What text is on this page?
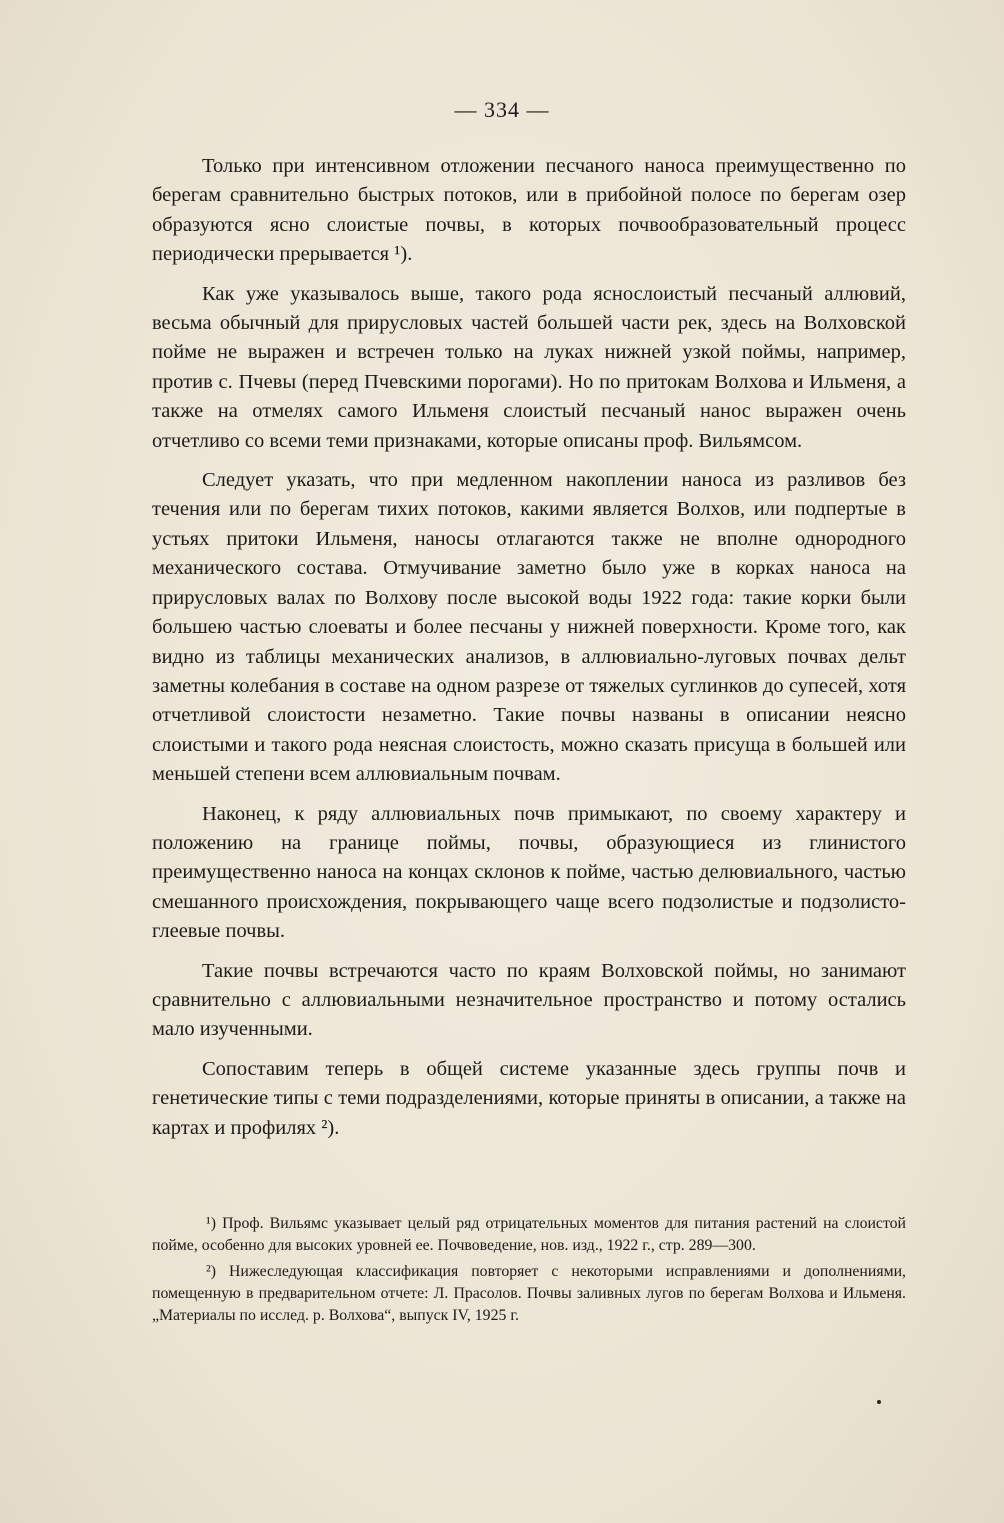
— 334 —

Только при интенсивном отложении песчаного наноса преимущественно по берегам сравнительно быстрых потоков, или в прибойной полосе по берегам озер образуются ясно слоистые почвы, в которых почвообразовательный процесс периодически прерывается ¹).

Как уже указывалось выше, такого рода яснослоистый песчаный аллювий, весьма обычный для прирусловых частей большей части рек, здесь на Волховской пойме не выражен и встречен только на луках нижней узкой поймы, например, против с. Пчевы (перед Пчевскими порогами). Но по притокам Волхова и Ильменя, а также на отмелях самого Ильменя слоистый песчаный нанос выражен очень отчетливо со всеми теми признаками, которые описаны проф. Вильямсом.

Следует указать, что при медленном накоплении наноса из разливов без течения или по берегам тихих потоков, какими является Волхов, или подпертые в устьях притоки Ильменя, наносы отлагаются также не вполне однородного механического состава. Отмучивание заметно было уже в корках наноса на прирусловых валах по Волхову после высокой воды 1922 года: такие корки были большею частью слоеваты и более песчаны у нижней поверхности. Кроме того, как видно из таблицы механических анализов, в аллювиально-луговых почвах дельт заметны колебания в составе на одном разрезе от тяжелых суглинков до супесей, хотя отчетливой слоистости незаметно. Такие почвы названы в описании неясно слоистыми и такого рода неясная слоистость, можно сказать присуща в большей или меньшей степени всем аллювиальным почвам.

Наконец, к ряду аллювиальных почв примыкают, по своему характеру и положению на границе поймы, почвы, образующиеся из глинистого преимущественно наноса на концах склонов к пойме, частью делювиального, частью смешанного происхождения, покрывающего чаще всего подзолистые и подзолисто-глеевые почвы.

Такие почвы встречаются часто по краям Волховской поймы, но занимают сравнительно с аллювиальными незначительное пространство и потому остались мало изученными.

Сопоставим теперь в общей системе указанные здесь группы почв и генетические типы с теми подразделениями, которые приняты в описании, а также на картах и профилях ²).

¹) Проф. Вильямс указывает целый ряд отрицательных моментов для питания растений на слоистой пойме, особенно для высоких уровней ее. Почвоведение, нов. изд., 1922 г., стр. 289—300.

²) Нижеследующая классификация повторяет с некоторыми исправлениями и дополнениями, помещенную в предварительном отчете: Л. Прасолов. Почвы заливных лугов по берегам Волхова и Ильменя. „Материалы по исслед. р. Волхова“, выпуск IV, 1925 г.
